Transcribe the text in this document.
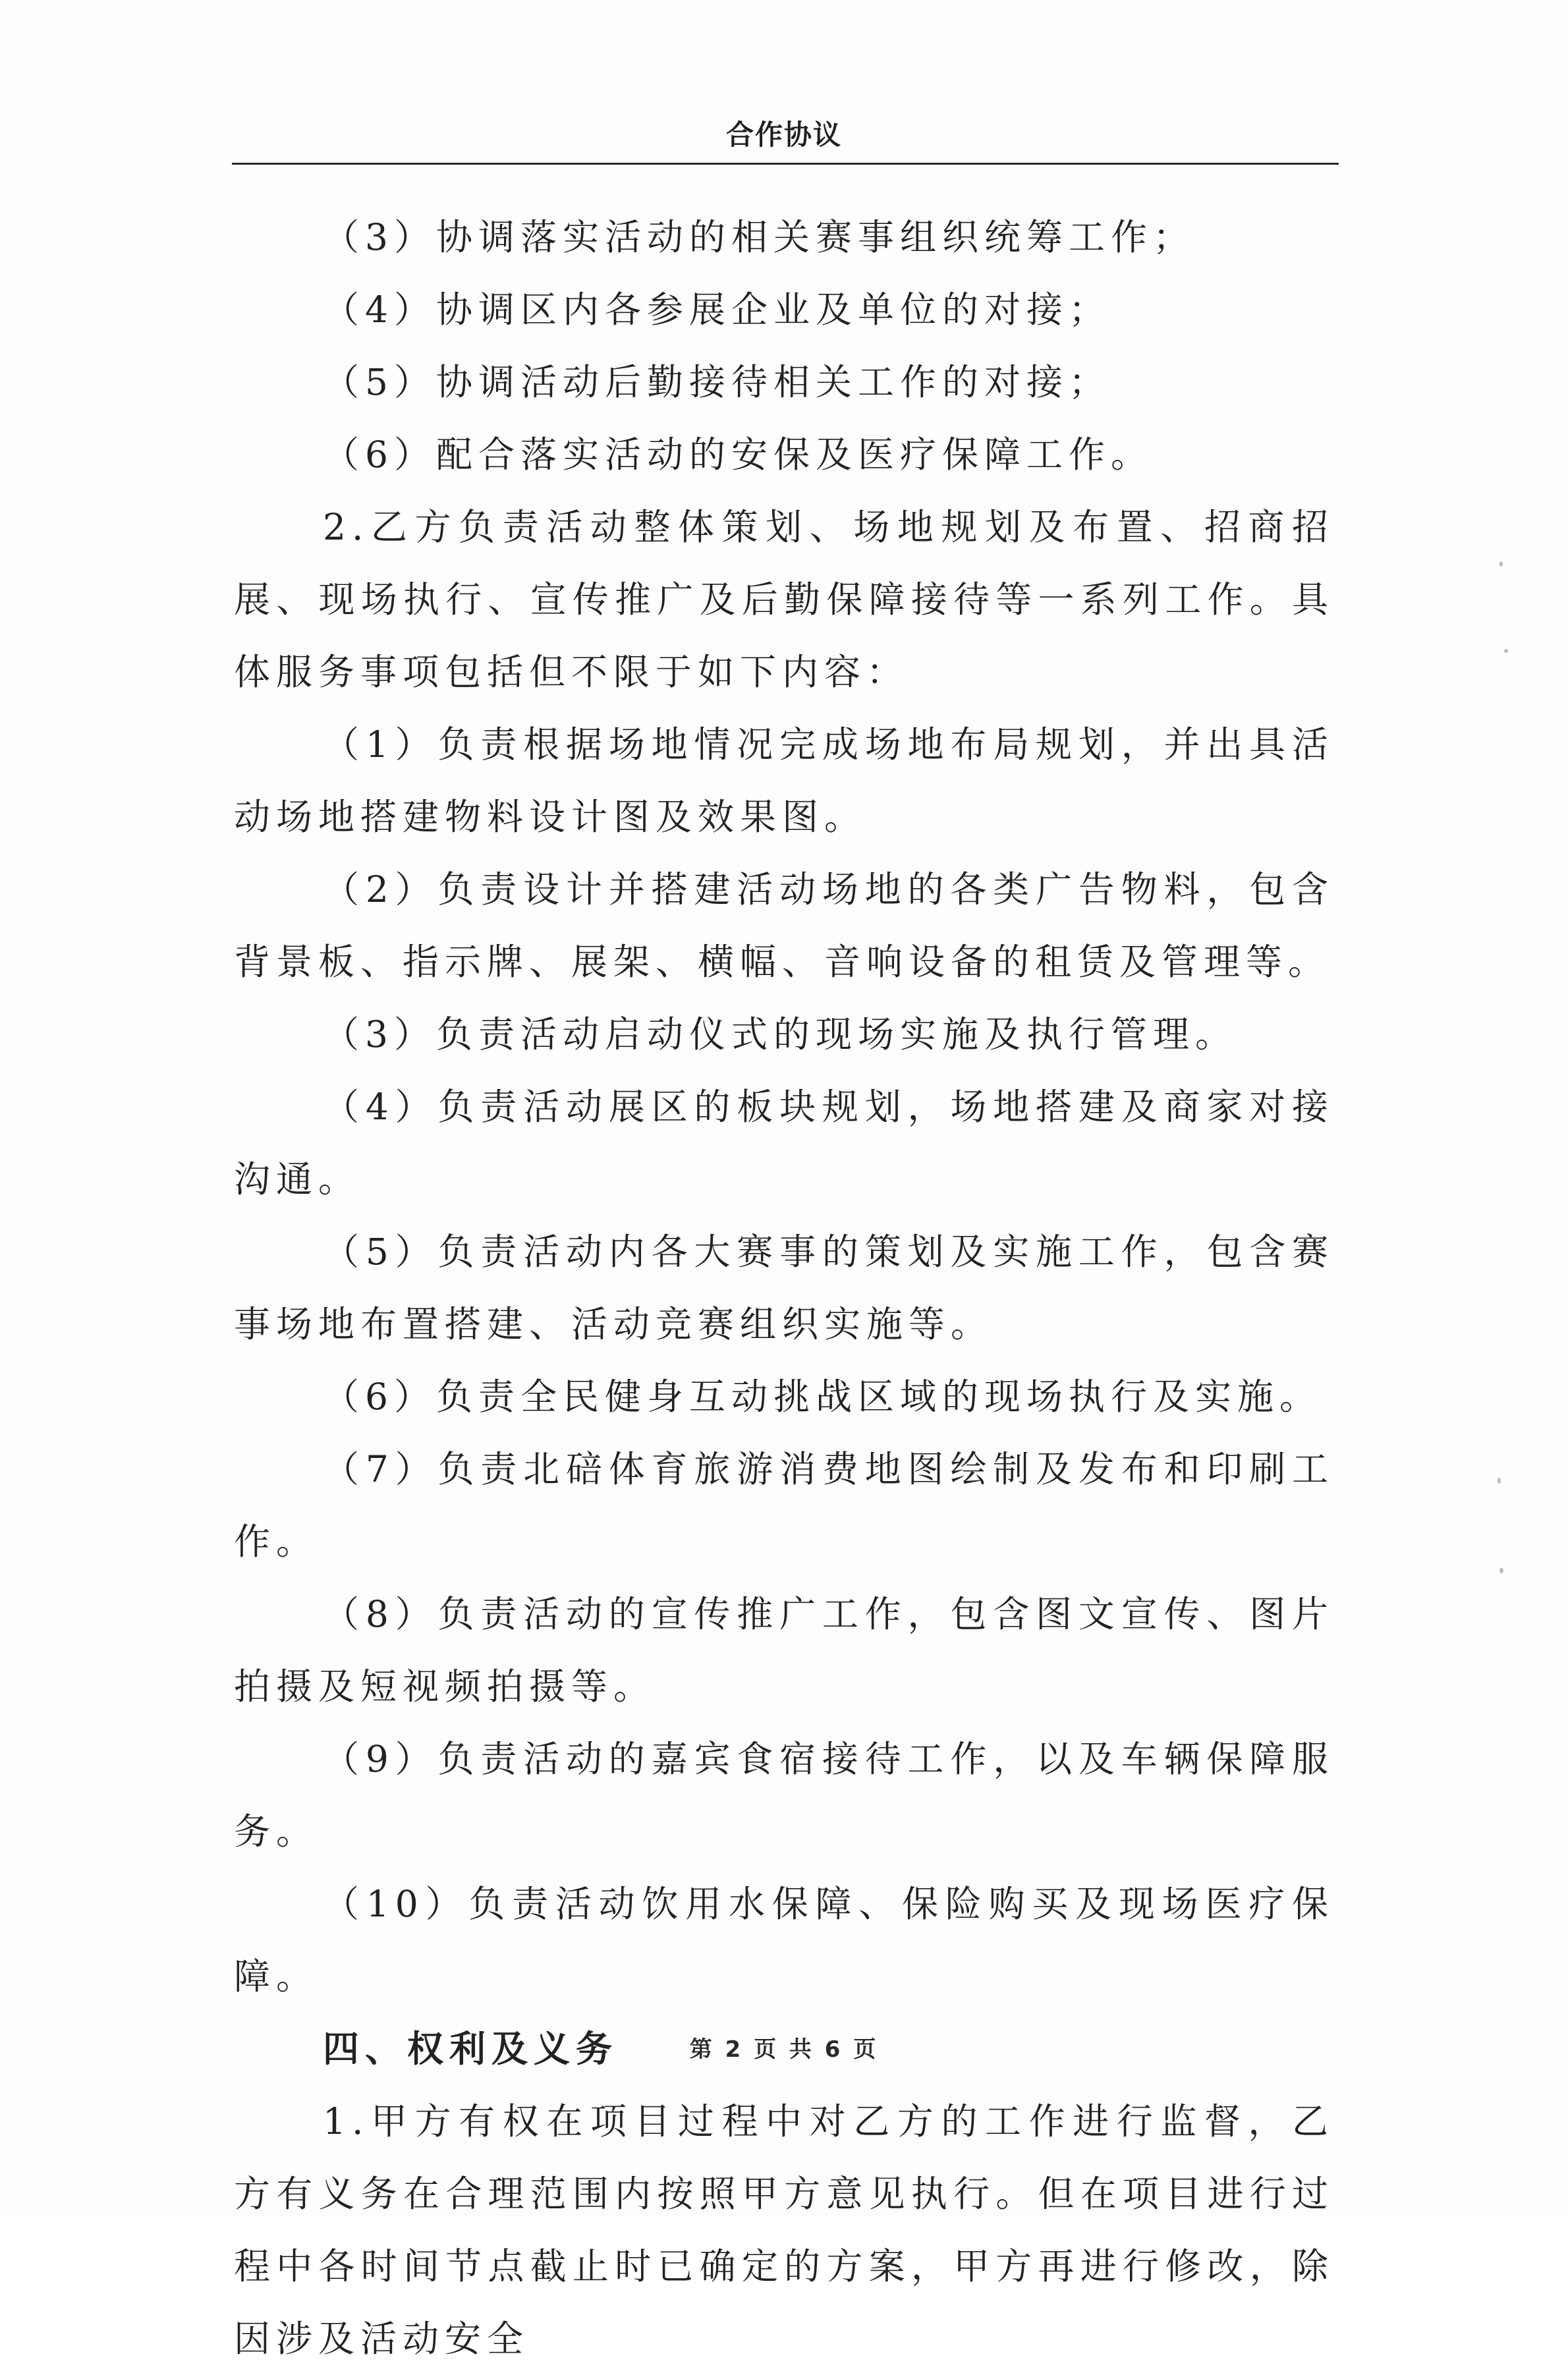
合作协议

（3）协调落实活动的相关赛事组织统筹工作；

（4）协调区内各参展企业及单位的对接；

（5）协调活动后勤接待相关工作的对接；

（6）配合落实活动的安保及医疗保障工作。

2.乙方负责活动整体策划、场地规划及布置、招商招展、现场执行、宣传推广及后勤保障接待等一系列工作。具体服务事项包括但不限于如下内容：

（1）负责根据场地情况完成场地布局规划，并出具活动场地搭建物料设计图及效果图。

（2）负责设计并搭建活动场地的各类广告物料，包含背景板、指示牌、展架、横幅、音响设备的租赁及管理等。

（3）负责活动启动仪式的现场实施及执行管理。

（4）负责活动展区的板块规划，场地搭建及商家对接沟通。

（5）负责活动内各大赛事的策划及实施工作，包含赛事场地布置搭建、活动竞赛组织实施等。

（6）负责全民健身互动挑战区域的现场执行及实施。

（7）负责北碚体育旅游消费地图绘制及发布和印刷工作。

（8）负责活动的宣传推广工作，包含图文宣传、图片拍摄及短视频拍摄等。

（9）负责活动的嘉宾食宿接待工作，以及车辆保障服务。

（10）负责活动饮用水保障、保险购买及现场医疗保障。

四、权利及义务

1.甲方有权在项目过程中对乙方的工作进行监督，乙方有义务在合理范围内按照甲方意见执行。但在项目进行过程中各时间节点截止时已确定的方案，甲方再进行修改，除因涉及活动安全

第 2 页 共 6 页
